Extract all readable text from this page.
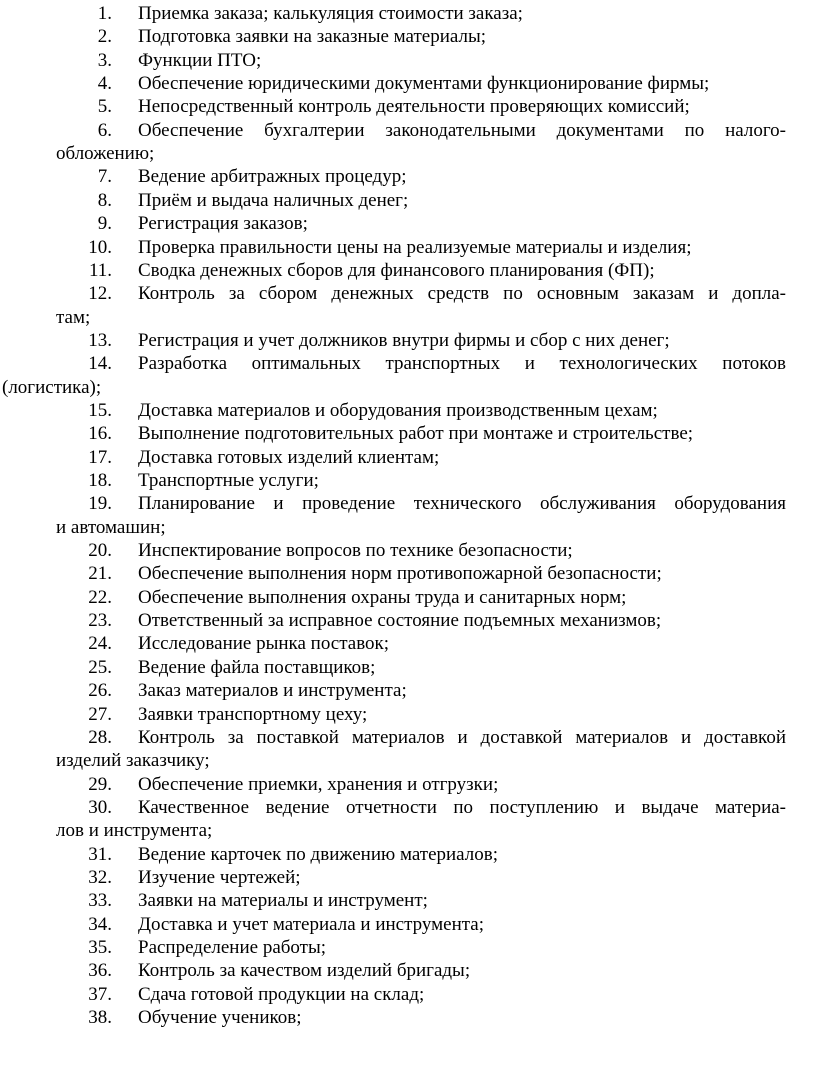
1. Приемка заказа; калькуляция стоимости заказа;
2. Подготовка заявки на заказные материалы;
3. Функции ПТО;
4. Обеспечение юридическими документами функционирование фирмы;
5. Непосредственный контроль деятельности проверяющих комиссий;
6. Обеспечение бухгалтерии законодательными документами по налого-
обложению;
7. Ведение арбитражных процедур;
8. Приём и выдача наличных денег;
9. Регистрация заказов;
10. Проверка правильности цены на реализуемые материалы и изделия;
11. Сводка денежных сборов для финансового планирования (ФП);
12. Контроль за сбором денежных средств по основным заказам и допла-
там;
13. Регистрация и учет должников внутри фирмы и сбор с них денег;
14. Разработка оптимальных транспортных и технологических потоков
(логистика);
15. Доставка материалов и оборудования производственным цехам;
16. Выполнение подготовительных работ при монтаже и строительстве;
17. Доставка готовых изделий клиентам;
18. Транспортные услуги;
19. Планирование и проведение технического обслуживания оборудования
и автомашин;
20. Инспектирование вопросов по технике безопасности;
21. Обеспечение выполнения норм противопожарной безопасности;
22. Обеспечение выполнения охраны труда и санитарных норм;
23. Ответственный за исправное состояние подъемных механизмов;
24. Исследование рынка поставок;
25. Ведение файла поставщиков;
26. Заказ материалов и инструмента;
27. Заявки транспортному цеху;
28. Контроль за поставкой материалов и доставкой материалов и доставкой
изделий заказчику;
29. Обеспечение приемки, хранения и отгрузки;
30. Качественное ведение отчетности по поступлению и выдаче материа-
лов и инструмента;
31. Ведение карточек по движению материалов;
32. Изучение чертежей;
33. Заявки на материалы и инструмент;
34. Доставка и учет материала и инструмента;
35. Распределение работы;
36. Контроль за качеством изделий бригады;
37. Сдача готовой продукции на склад;
38. Обучение учеников;
